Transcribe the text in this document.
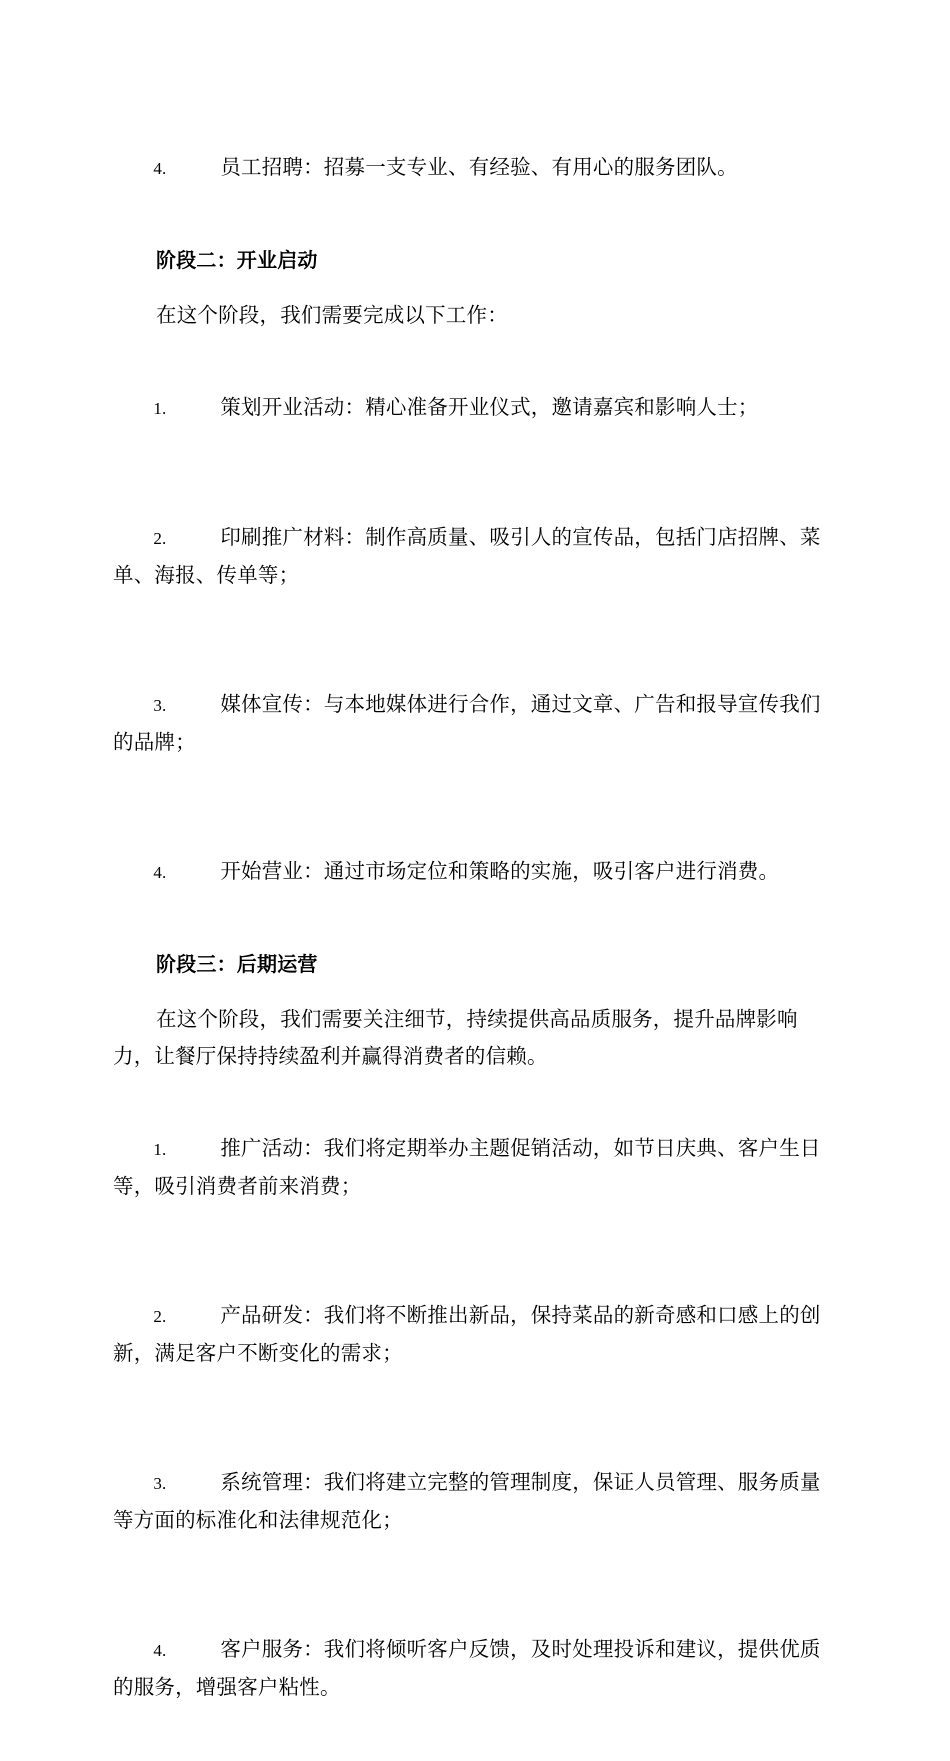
4.	员工招聘：招募一支专业、有经验、有用心的服务团队。

阶段二：开业启动
在这个阶段，我们需要完成以下工作：

1.	策划开业活动：精心准备开业仪式，邀请嘉宾和影响人士；

2.	印刷推广材料：制作高质量、吸引人的宣传品，包括门店招牌、菜单、海报、传单等；

3.	媒体宣传：与本地媒体进行合作，通过文章、广告和报导宣传我们的品牌；

4.	开始营业：通过市场定位和策略的实施，吸引客户进行消费。

阶段三：后期运营
在这个阶段，我们需要关注细节，持续提供高品质服务，提升品牌影响力，让餐厅保持持续盈利并赢得消费者的信赖。

1.	推广活动：我们将定期举办主题促销活动，如节日庆典、客户生日等，吸引消费者前来消费；

2.	产品研发：我们将不断推出新品，保持菜品的新奇感和口感上的创新，满足客户不断变化的需求；

3.	系统管理：我们将建立完整的管理制度，保证人员管理、服务质量等方面的标准化和法律规范化；

4.	客户服务：我们将倾听客户反馈，及时处理投诉和建议，提供优质的服务，增强客户粘性。
